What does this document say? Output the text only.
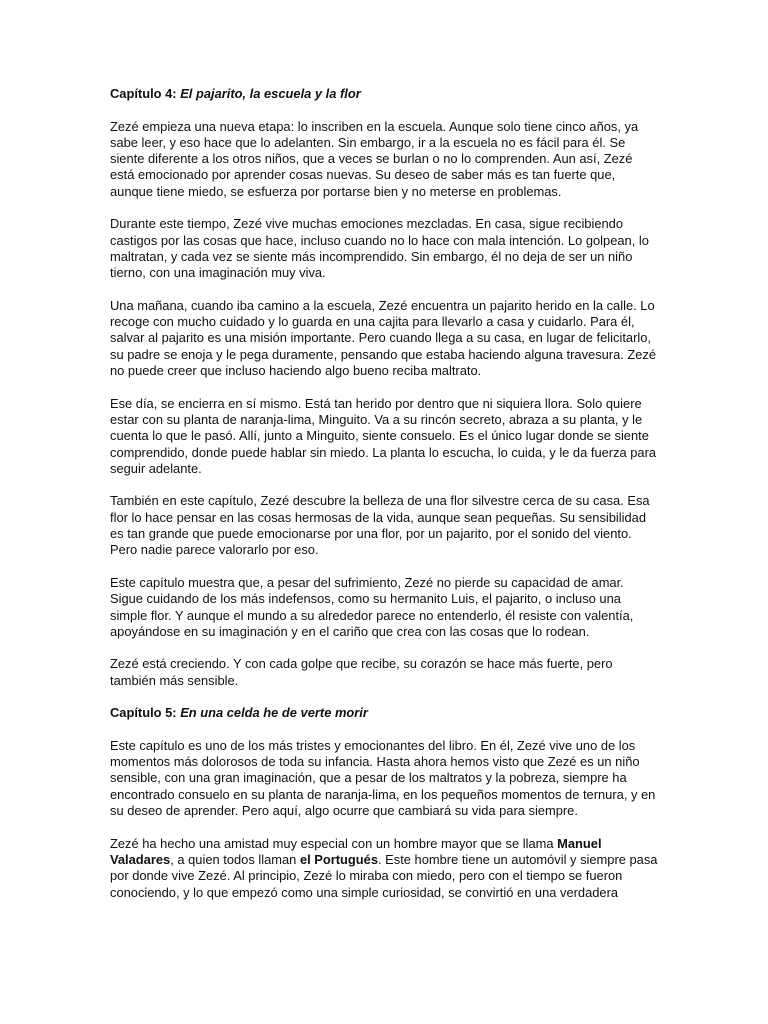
Capítulo 4: El pajarito, la escuela y la flor

Zezé empieza una nueva etapa: lo inscriben en la escuela. Aunque solo tiene cinco años, ya sabe leer, y eso hace que lo adelanten. Sin embargo, ir a la escuela no es fácil para él. Se siente diferente a los otros niños, que a veces se burlan o no lo comprenden. Aun así, Zezé está emocionado por aprender cosas nuevas. Su deseo de saber más es tan fuerte que, aunque tiene miedo, se esfuerza por portarse bien y no meterse en problemas.

Durante este tiempo, Zezé vive muchas emociones mezcladas. En casa, sigue recibiendo castigos por las cosas que hace, incluso cuando no lo hace con mala intención. Lo golpean, lo maltratan, y cada vez se siente más incomprendido. Sin embargo, él no deja de ser un niño tierno, con una imaginación muy viva.

Una mañana, cuando iba camino a la escuela, Zezé encuentra un pajarito herido en la calle. Lo recoge con mucho cuidado y lo guarda en una cajita para llevarlo a casa y cuidarlo. Para él, salvar al pajarito es una misión importante. Pero cuando llega a su casa, en lugar de felicitarlo, su padre se enoja y le pega duramente, pensando que estaba haciendo alguna travesura. Zezé no puede creer que incluso haciendo algo bueno reciba maltrato.

Ese día, se encierra en sí mismo. Está tan herido por dentro que ni siquiera llora. Solo quiere estar con su planta de naranja-lima, Minguito. Va a su rincón secreto, abraza a su planta, y le cuenta lo que le pasó. Allí, junto a Minguito, siente consuelo. Es el único lugar donde se siente comprendido, donde puede hablar sin miedo. La planta lo escucha, lo cuida, y le da fuerza para seguir adelante.

También en este capítulo, Zezé descubre la belleza de una flor silvestre cerca de su casa. Esa flor lo hace pensar en las cosas hermosas de la vida, aunque sean pequeñas. Su sensibilidad es tan grande que puede emocionarse por una flor, por un pajarito, por el sonido del viento. Pero nadie parece valorarlo por eso.

Este capítulo muestra que, a pesar del sufrimiento, Zezé no pierde su capacidad de amar. Sigue cuidando de los más indefensos, como su hermanito Luis, el pajarito, o incluso una simple flor. Y aunque el mundo a su alrededor parece no entenderlo, él resiste con valentía, apoyándose en su imaginación y en el cariño que crea con las cosas que lo rodean.

Zezé está creciendo. Y con cada golpe que recibe, su corazón se hace más fuerte, pero también más sensible.

Capítulo 5: En una celda he de verte morir

Este capítulo es uno de los más tristes y emocionantes del libro. En él, Zezé vive uno de los momentos más dolorosos de toda su infancia. Hasta ahora hemos visto que Zezé es un niño sensible, con una gran imaginación, que a pesar de los maltratos y la pobreza, siempre ha encontrado consuelo en su planta de naranja-lima, en los pequeños momentos de ternura, y en su deseo de aprender. Pero aquí, algo ocurre que cambiará su vida para siempre.

Zezé ha hecho una amistad muy especial con un hombre mayor que se llama Manuel Valadares, a quien todos llaman el Portugués. Este hombre tiene un automóvil y siempre pasa por donde vive Zezé. Al principio, Zezé lo miraba con miedo, pero con el tiempo se fueron conociendo, y lo que empezó como una simple curiosidad, se convirtió en una verdadera
